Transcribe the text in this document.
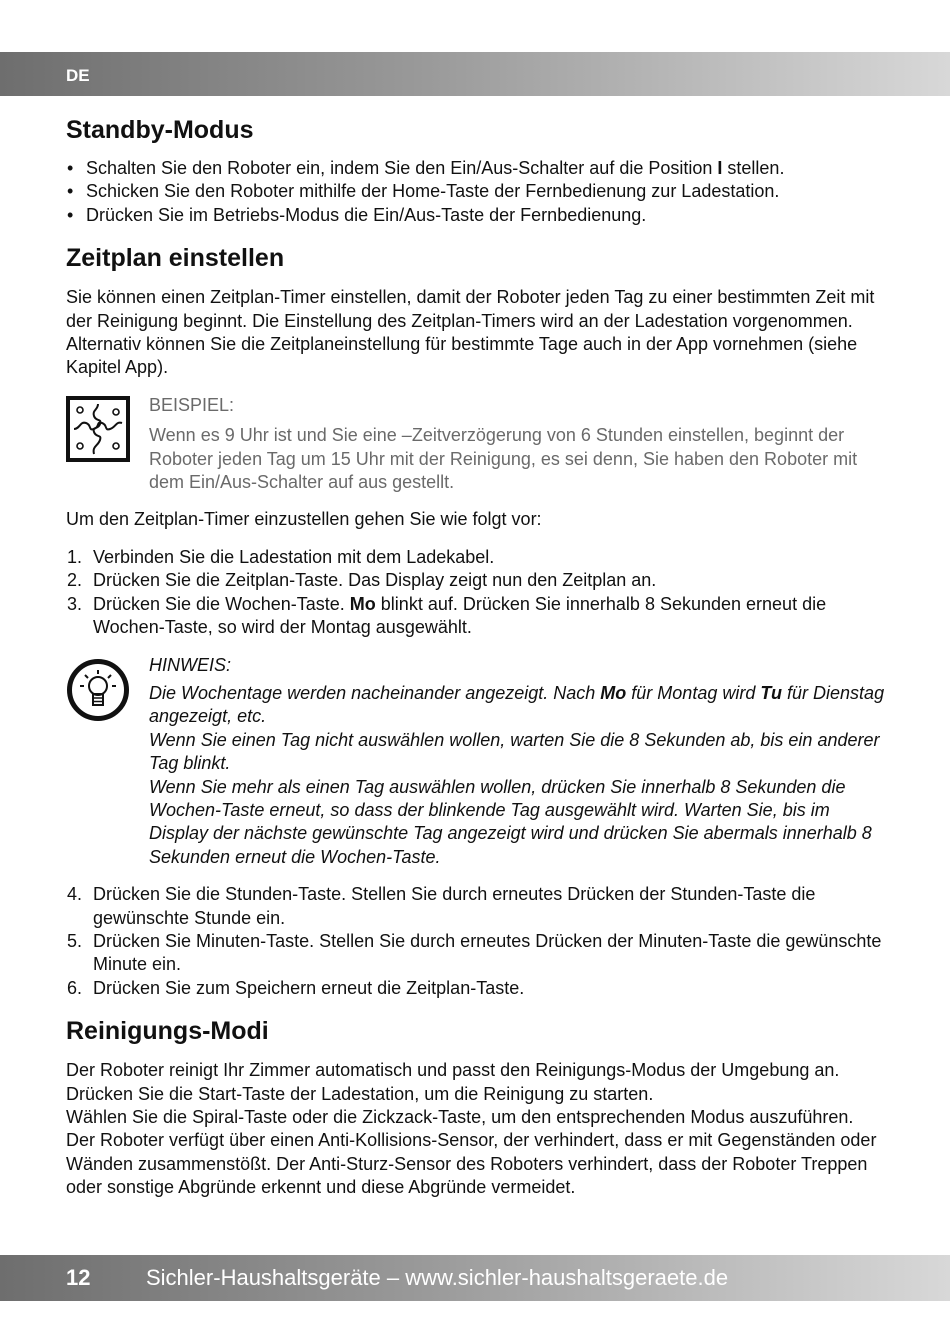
DE
Standby-Modus
• Schalten Sie den Roboter ein, indem Sie den Ein/Aus-Schalter auf die Position I stellen.
• Schicken Sie den Roboter mithilfe der Home-Taste der Fernbedienung zur Ladestation.
• Drücken Sie im Betriebs-Modus die Ein/Aus-Taste der Fernbedienung.
Zeitplan einstellen

Sie können einen Zeitplan-Timer einstellen, damit der Roboter jeden Tag zu einer bestimmten Zeit mit der Reinigung beginnt. Die Einstellung des Zeitplan-Timers wird an der Ladestation vorgenommen. Alternativ können Sie die Zeitplaneinstellung für bestimmte Tage auch in der App vornehmen (siehe Kapitel App).

BEISPIEL:
Wenn es 9 Uhr ist und Sie eine –Zeitverzögerung von 6 Stunden einstellen, beginnt der Roboter jeden Tag um 15 Uhr mit der Reinigung, es sei denn, Sie haben den Roboter mit dem Ein/Aus-Schalter auf aus gestellt.

Um den Zeitplan-Timer einzustellen gehen Sie wie folgt vor:

1. Verbinden Sie die Ladestation mit dem Ladekabel.
2. Drücken Sie die Zeitplan-Taste. Das Display zeigt nun den Zeitplan an.
3. Drücken Sie die Wochen-Taste. Mo blinkt auf. Drücken Sie innerhalb 8 Sekunden erneut die Wochen-Taste, so wird der Montag ausgewählt.
HINWEIS:
Die Wochentage werden nacheinander angezeigt. Nach Mo für Montag wird Tu für Dienstag angezeigt, etc.
Wenn Sie einen Tag nicht auswählen wollen, warten Sie die 8 Sekunden ab, bis ein anderer Tag blinkt.
Wenn Sie mehr als einen Tag auswählen wollen, drücken Sie innerhalb 8 Sekunden die Wochen-Taste erneut, so dass der blinkende Tag ausgewählt wird. Warten Sie, bis im Display der nächste gewünschte Tag angezeigt wird und drücken Sie abermals innerhalb 8 Sekunden erneut die Wochen-Taste.
4. Drücken Sie die Stunden-Taste. Stellen Sie durch erneutes Drücken der Stunden-Taste die gewünschte Stunde ein.
5. Drücken Sie Minuten-Taste. Stellen Sie durch erneutes Drücken der Minuten-Taste die gewünschte Minute ein.
6. Drücken Sie zum Speichern erneut die Zeitplan-Taste.
Reinigungs-Modi

Der Roboter reinigt Ihr Zimmer automatisch und passt den Reinigungs-Modus der Umgebung an. Drücken Sie die Start-Taste der Ladestation, um die Reinigung zu starten.

Wählen Sie die Spiral-Taste oder die Zickzack-Taste, um den entsprechenden Modus auszuführen.

Der Roboter verfügt über einen Anti-Kollisions-Sensor, der verhindert, dass er mit Gegenständen oder Wänden zusammenstößt. Der Anti-Sturz-Sensor des Roboters verhindert, dass der Roboter Treppen oder sonstige Abgründe erkennt und diese Abgründe vermeidet.

12	Sichler-Haushaltsgeräte – www.sichler-haushaltsgeraete.de
